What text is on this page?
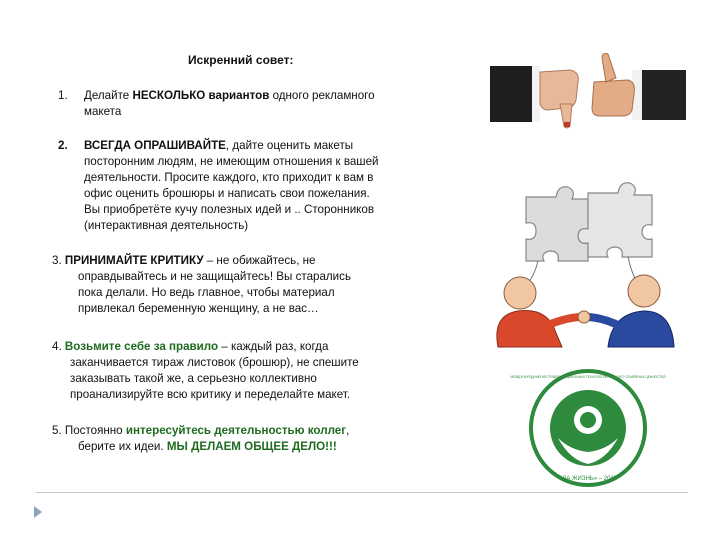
Искренний совет:
1. Делайте НЕСКОЛЬКО вариантов одного рекламного
макета
2. ВСЕГДА ОПРАШИВАЙТЕ, дайте оценить макеты
посторонним людям, не имеющим отношения к вашей
деятельности. Просите каждого, кто приходит к вам в
офис оценить брошюры и написать свои пожелания.
Вы приобретёте кучу полезных идей и .. Сторонников
(интерактивная деятельность)
3. ПРИНИМАЙТЕ КРИТИКУ – не обижайтесь, не
оправдывайтесь и не защищайтесь! Вы старались
пока делали. Но ведь главное, чтобы материал
привлекал беременную женщину, а не вас…
4. Возьмите себе за правило – каждый раз, когда
заканчивается тираж листовок (брошюр), не спешите
заказывать такой же, а серьезно коллективно
проанализируйте всю критику и переделайте макет.
5. Постоянно интересуйтесь деятельностью коллег,
берите их идеи. МЫ ДЕЛАЕМ ОБЩЕЕ ДЕЛО!!!
«ЗА ЖИЗНЬ» – 2011
МЕЖДУНАРОДНЫЙ ФЕСТИВАЛЬ СОЦИАЛЬНЫХ ТЕХНОЛОГИЙ В ЗАЩИТУ СЕМЕЙНЫХ ЦЕННОСТЕЙ
